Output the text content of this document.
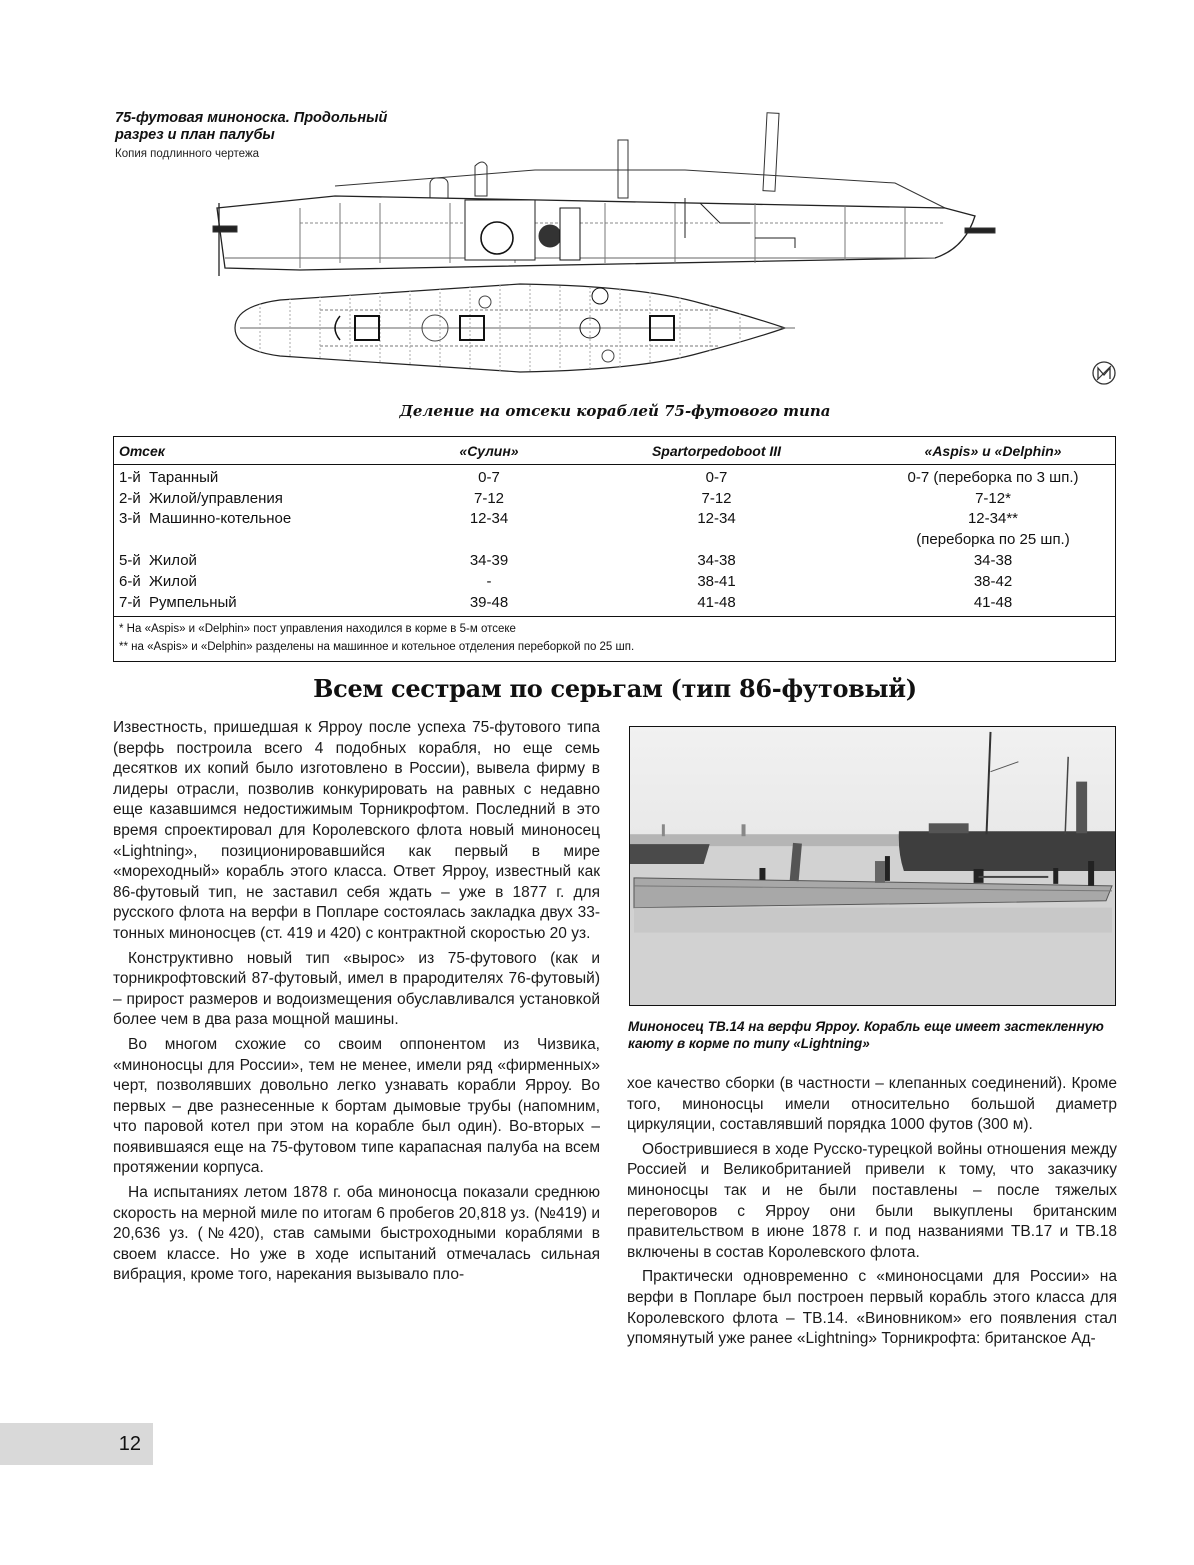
75-футовая миноноска. Продольный разрез и план палубы
Копия подлинного чертежа
Деление на отсеки кораблей 75-футового типа
Отсек	«Сулин»	Spartorpedoboot III	«Aspis» и «Delphin»
1-й  Таранный	0-7	0-7	0-7 (переборка по 3 шп.)
2-й  Жилой/управления	7-12	7-12	7-12*
3-й  Машинно-котельное	12-34	12-34	12-34**
(переборка по 25 шп.)
5-й  Жилой	34-39	34-38	34-38
6-й  Жилой	-	38-41	38-42
7-й  Румпельный	39-48	41-48	41-48
* На «Aspis» и «Delphin» пост управления находился в корме в 5-м отсеке
** на «Aspis» и «Delphin» разделены на машинное и котельное отделения переборкой по 25 шп.
Всем сестрам по серьгам (тип 86-футовый)

Известность, пришедшая к Ярроу после успеха 75-футового типа (верфь построила всего 4 подобных корабля, но еще семь десятков их копий было изготовлено в России), вывела фирму в лидеры отрасли, позволив конкурировать на равных с недавно еще казавшимся недостижимым Торникрофтом. Последний в это время спроектировал для Королевского флота новый миноносец «Lightning», позиционировавшийся как первый в мире «мореходный» корабль этого класса. Ответ Ярроу, известный как 86-футовый тип, не заставил себя ждать – уже в 1877 г. для русского флота на верфи в Попларе состоялась закладка двух 33-тонных миноносцев (ст. 419 и 420) с контрактной скоростью 20 уз.

Конструктивно новый тип «вырос» из 75-футового (как и торникрофтовский 87-футовый, имел в прародителях 76-футовый) – прирост размеров и водоизмещения обуславливался установкой более чем в два раза мощной машины.

Во многом схожие со своим оппонентом из Чизвика, «миноносцы для России», тем не менее, имели ряд «фирменных» черт, позволявших довольно легко узнавать корабли Ярроу. Во первых – две разнесенные к бортам дымовые трубы (напомним, что паровой котел при этом на корабле был один). Во-вторых – появившаяся еще на 75-футовом типе карапасная палуба на всем протяжении корпуса.

На испытаниях летом 1878 г. оба миноносца показали среднюю скорость на мерной миле по итогам 6 пробегов 20,818 уз. (№419) и 20,636 уз. (№420), став самыми быстроходными кораблями в своем классе. Но уже в ходе испытаний отмечалась сильная вибрация, кроме того, нарекания вызывало пло-

Миноносец ТВ.14 на верфи Ярроу. Корабль еще имеет застекленную каюту в корме по типу «Lightning»

хое качество сборки (в частности – клепанных соединений). Кроме того, миноносцы имели относительно большой диаметр циркуляции, составлявший порядка 1000 футов (300 м).

Обострившиеся в ходе Русско-турецкой войны отношения между Россией и Великобританией привели к тому, что заказчику миноносцы так и не были поставлены – после тяжелых переговоров с Ярроу они были выкуплены британским правительством в июне 1878 г. и под названиями ТВ.17 и ТВ.18 включены в состав Королевского флота.

Практически одновременно с «миноносцами для России» на верфи в Попларе был построен первый корабль этого класса для Королевского флота – ТВ.14. «Виновником» его появления стал упомянутый уже ранее «Lightning» Торникрофта: британское Ад-

12
